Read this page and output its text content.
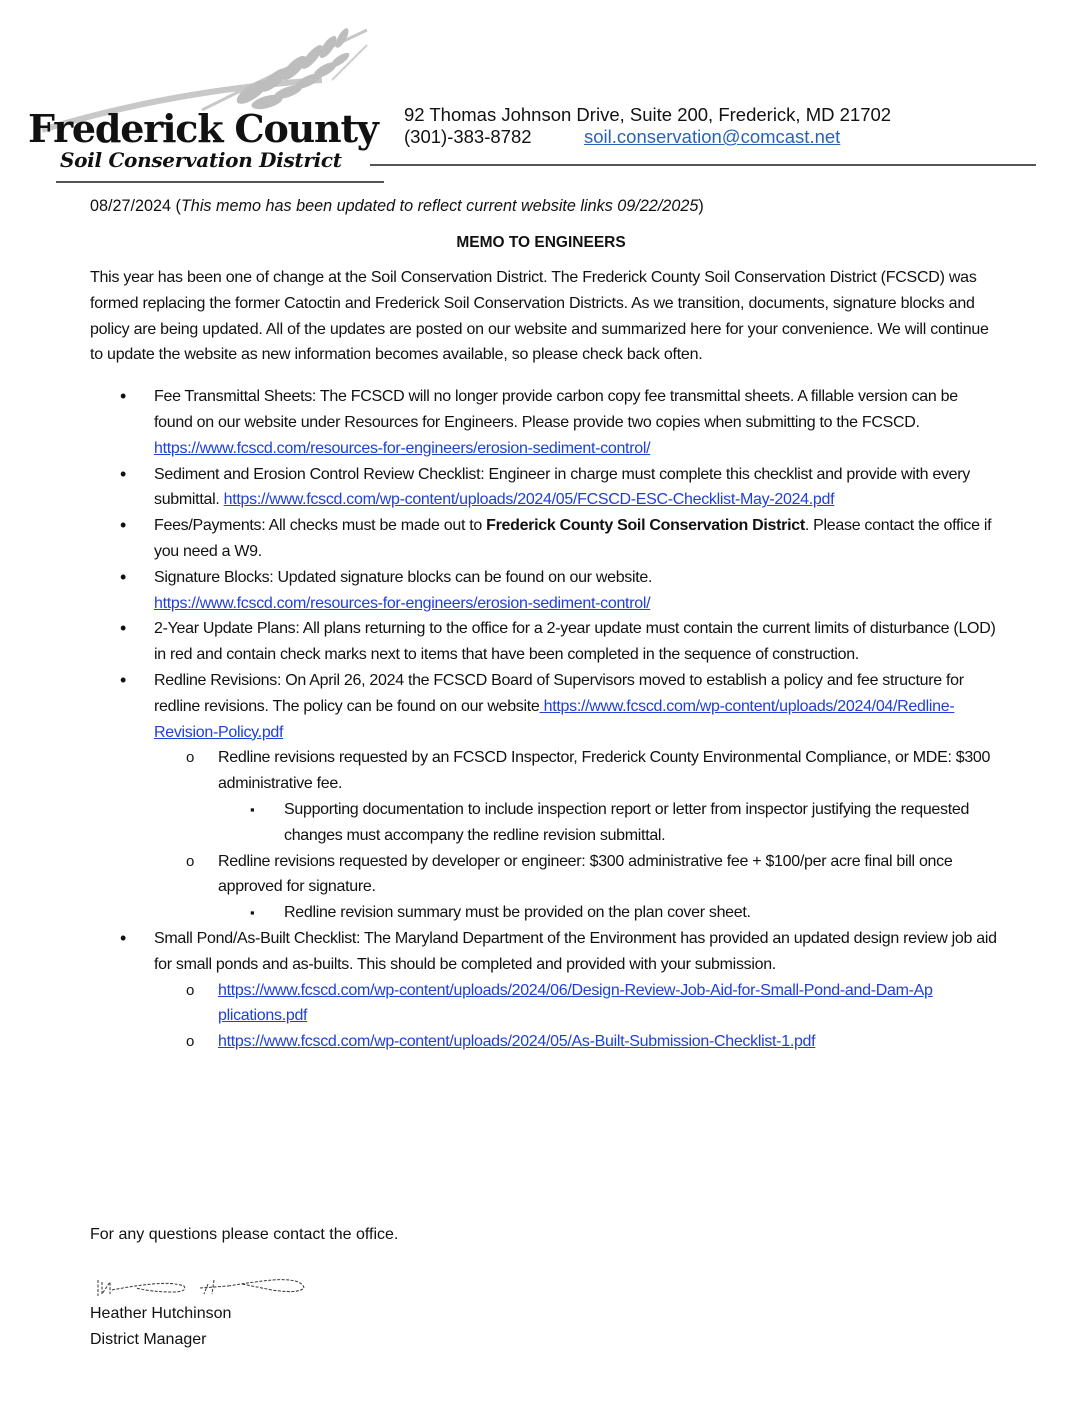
Frederick County
Soil Conservation District
92 Thomas Johnson Drive, Suite 200, Frederick, MD 21702
(301)-383-8782	soil.conservation@comcast.net
08/27/2024 (This memo has been updated to reflect current website links 09/22/2025)
MEMO TO ENGINEERS

This year has been one of change at the Soil Conservation District. The Frederick County Soil Conservation District (FCSCD) was formed replacing the former Catoctin and Frederick Soil Conservation Districts. As we transition, documents, signature blocks and policy are being updated. All of the updates are posted on our website and summarized here for your convenience. We will continue to update the website as new information becomes available, so please check back often.

• Fee Transmittal Sheets: The FCSCD will no longer provide carbon copy fee transmittal sheets. A fillable version can be found on our website under Resources for Engineers. Please provide two copies when submitting to the FCSCD. https://www.fcscd.com/resources-for-engineers/erosion-sediment-control/
• Sediment and Erosion Control Review Checklist: Engineer in charge must complete this checklist and provide with every submittal. https://www.fcscd.com/wp-content/uploads/2024/05/FCSCD-ESC-Checklist-May-2024.pdf
• Fees/Payments: All checks must be made out to Frederick County Soil Conservation District. Please contact the office if you need a W9.
• Signature Blocks: Updated signature blocks can be found on our website.
https://www.fcscd.com/resources-for-engineers/erosion-sediment-control/
• 2-Year Update Plans: All plans returning to the office for a 2-year update must contain the current limits of disturbance (LOD) in red and contain check marks next to items that have been completed in the sequence of construction.
• Redline Revisions: On April 26, 2024 the FCSCD Board of Supervisors moved to establish a policy and fee structure for redline revisions. The policy can be found on our website https://www.fcscd.com/wp-content/uploads/2024/04/Redline-Revision-Policy.pdf
o Redline revisions requested by an FCSCD Inspector, Frederick County Environmental Compliance, or MDE: $300 administrative fee.
▪ Supporting documentation to include inspection report or letter from inspector justifying the requested changes must accompany the redline revision submittal.
o Redline revisions requested by developer or engineer: $300 administrative fee + $100/per acre final bill once approved for signature.
▪ Redline revision summary must be provided on the plan cover sheet.
• Small Pond/As-Built Checklist: The Maryland Department of the Environment has provided an updated design review job aid for small ponds and as-builts. This should be completed and provided with your submission.
o https://www.fcscd.com/wp-content/uploads/2024/06/Design-Review-Job-Aid-for-Small-Pond-and-Dam-Applications.pdf
o https://www.fcscd.com/wp-content/uploads/2024/05/As-Built-Submission-Checklist-1.pdf
For any questions please contact the office.
Heather Hutchinson
District Manager
